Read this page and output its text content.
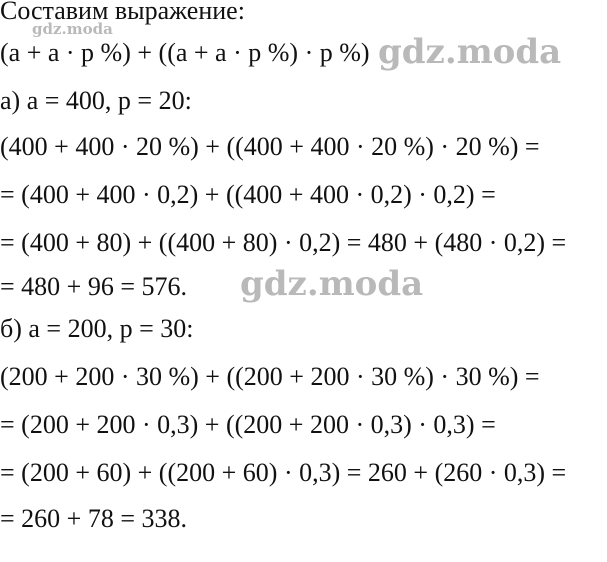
Составим выражение:
(a + a · p %) + ((a + a · p %) · p %)
а) a = 400, p = 20:
(400 + 400 · 20 %) + ((400 + 400 · 20 %) · 20 %) =
= (400 + 400 · 0,2) + ((400 + 400 · 0,2) · 0,2) =
= (400 + 80) + ((400 + 80) · 0,2) = 480 + (480 · 0,2) =
= 480 + 96 = 576.
б) a = 200, p = 30:
(200 + 200 · 30 %) + ((200 + 200 · 30 %) · 30 %) =
= (200 + 200 · 0,3) + ((200 + 200 · 0,3) · 0,3) =
= (200 + 60) + ((200 + 60) · 0,3) = 260 + (260 · 0,3) =
= 260 + 78 = 338.
gdz.moda
gdz.moda
gdz.moda
